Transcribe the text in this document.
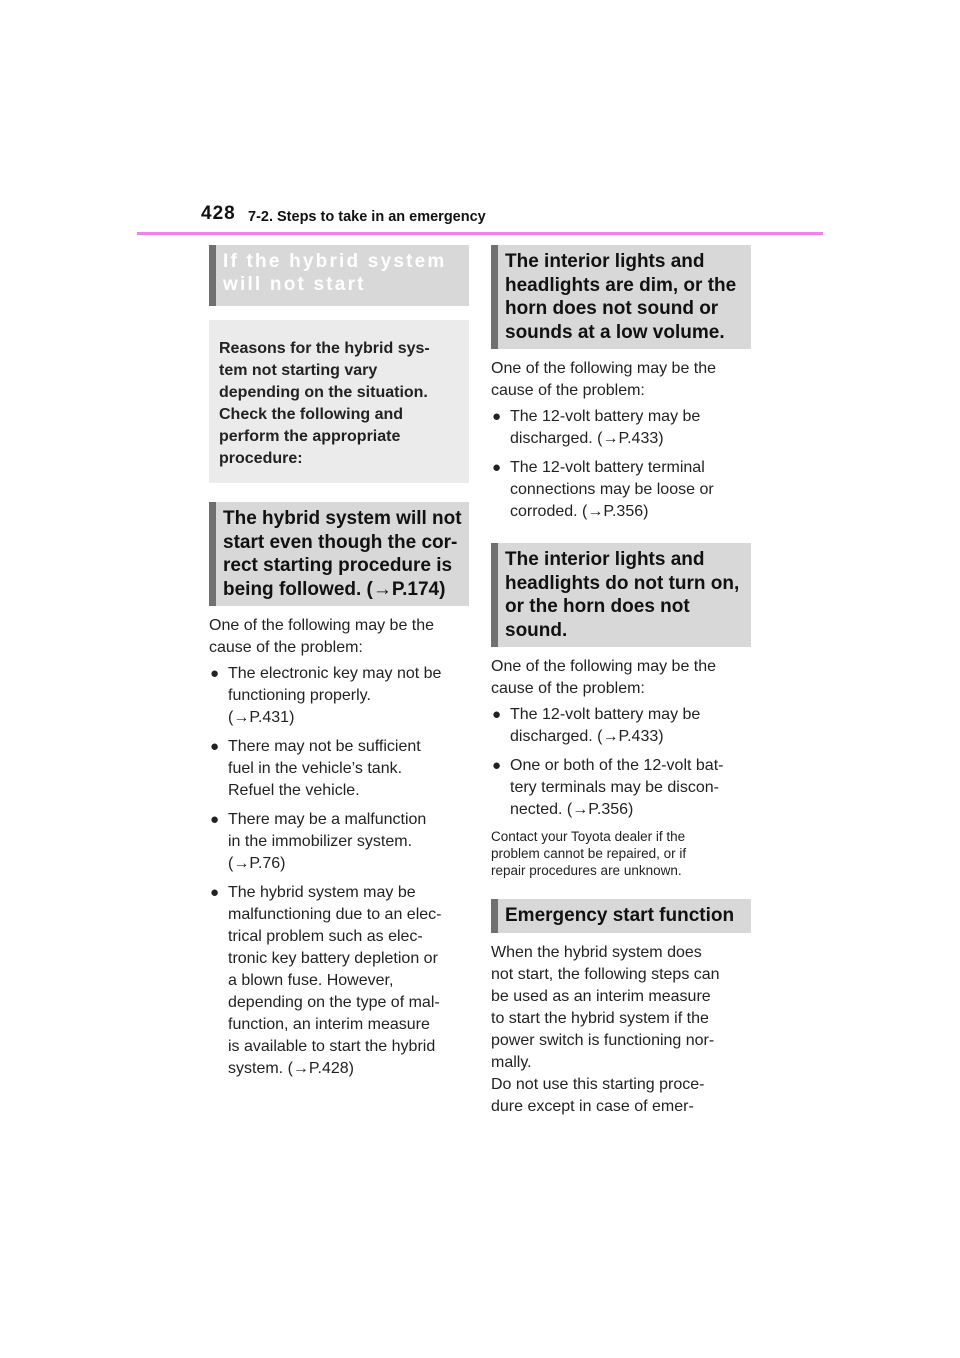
428 7-2. Steps to take in an emergency
If the hybrid system
will not start
Reasons for the hybrid sys-
tem not starting vary
depending on the situation.
Check the following and
perform the appropriate
procedure:
The hybrid system will not
start even though the cor-
rect starting procedure is
being followed. (→P.174)
One of the following may be the
cause of the problem:
● The electronic key may not be
functioning properly.
(→P.431)
● There may not be sufficient
fuel in the vehicle’s tank.
Refuel the vehicle.
● There may be a malfunction
in the immobilizer system.
(→P.76)
● The hybrid system may be
malfunctioning due to an elec-
trical problem such as elec-
tronic key battery depletion or
a blown fuse. However,
depending on the type of mal-
function, an interim measure
is available to start the hybrid
system. (→P.428)
The interior lights and
headlights are dim, or the
horn does not sound or
sounds at a low volume.
One of the following may be the
cause of the problem:
● The 12-volt battery may be
discharged. (→P.433)
● The 12-volt battery terminal
connections may be loose or
corroded. (→P.356)
The interior lights and
headlights do not turn on,
or the horn does not
sound.
One of the following may be the
cause of the problem:
● The 12-volt battery may be
discharged. (→P.433)
● One or both of the 12-volt bat-
tery terminals may be discon-
nected. (→P.356)
Contact your Toyota dealer if the
problem cannot be repaired, or if
repair procedures are unknown.
Emergency start function
When the hybrid system does
not start, the following steps can
be used as an interim measure
to start the hybrid system if the
power switch is functioning nor-
mally.
Do not use this starting proce-
dure except in case of emer-
